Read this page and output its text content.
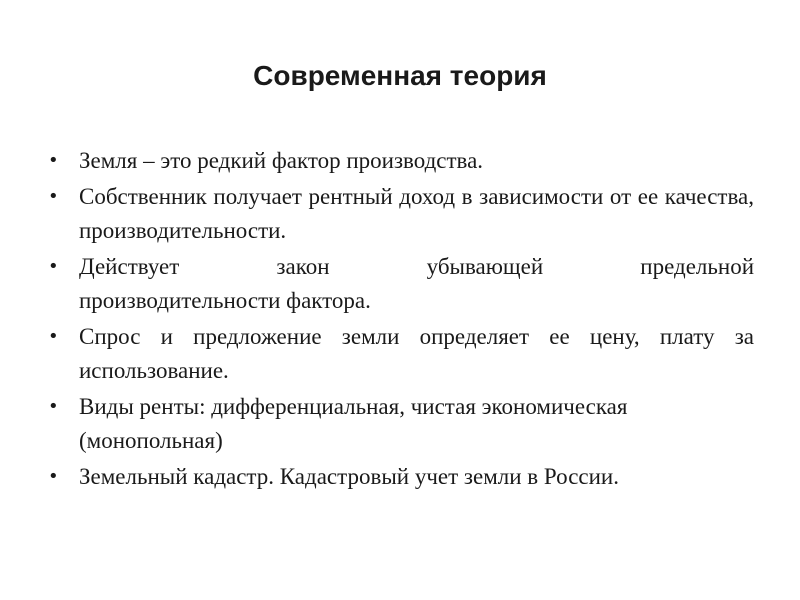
Современная теория
• Земля – это редкий фактор производства.
• Собственник получает рентный доход в зависимости от ее качества, производительности.
• Действует закон убывающей предельной
производительности фактора.
• Спрос и предложение земли определяет ее цену, плату за использование.
• Виды ренты: дифференциальная, чистая экономическая (монопольная)
• Земельный кадастр. Кадастровый учет земли в России.
